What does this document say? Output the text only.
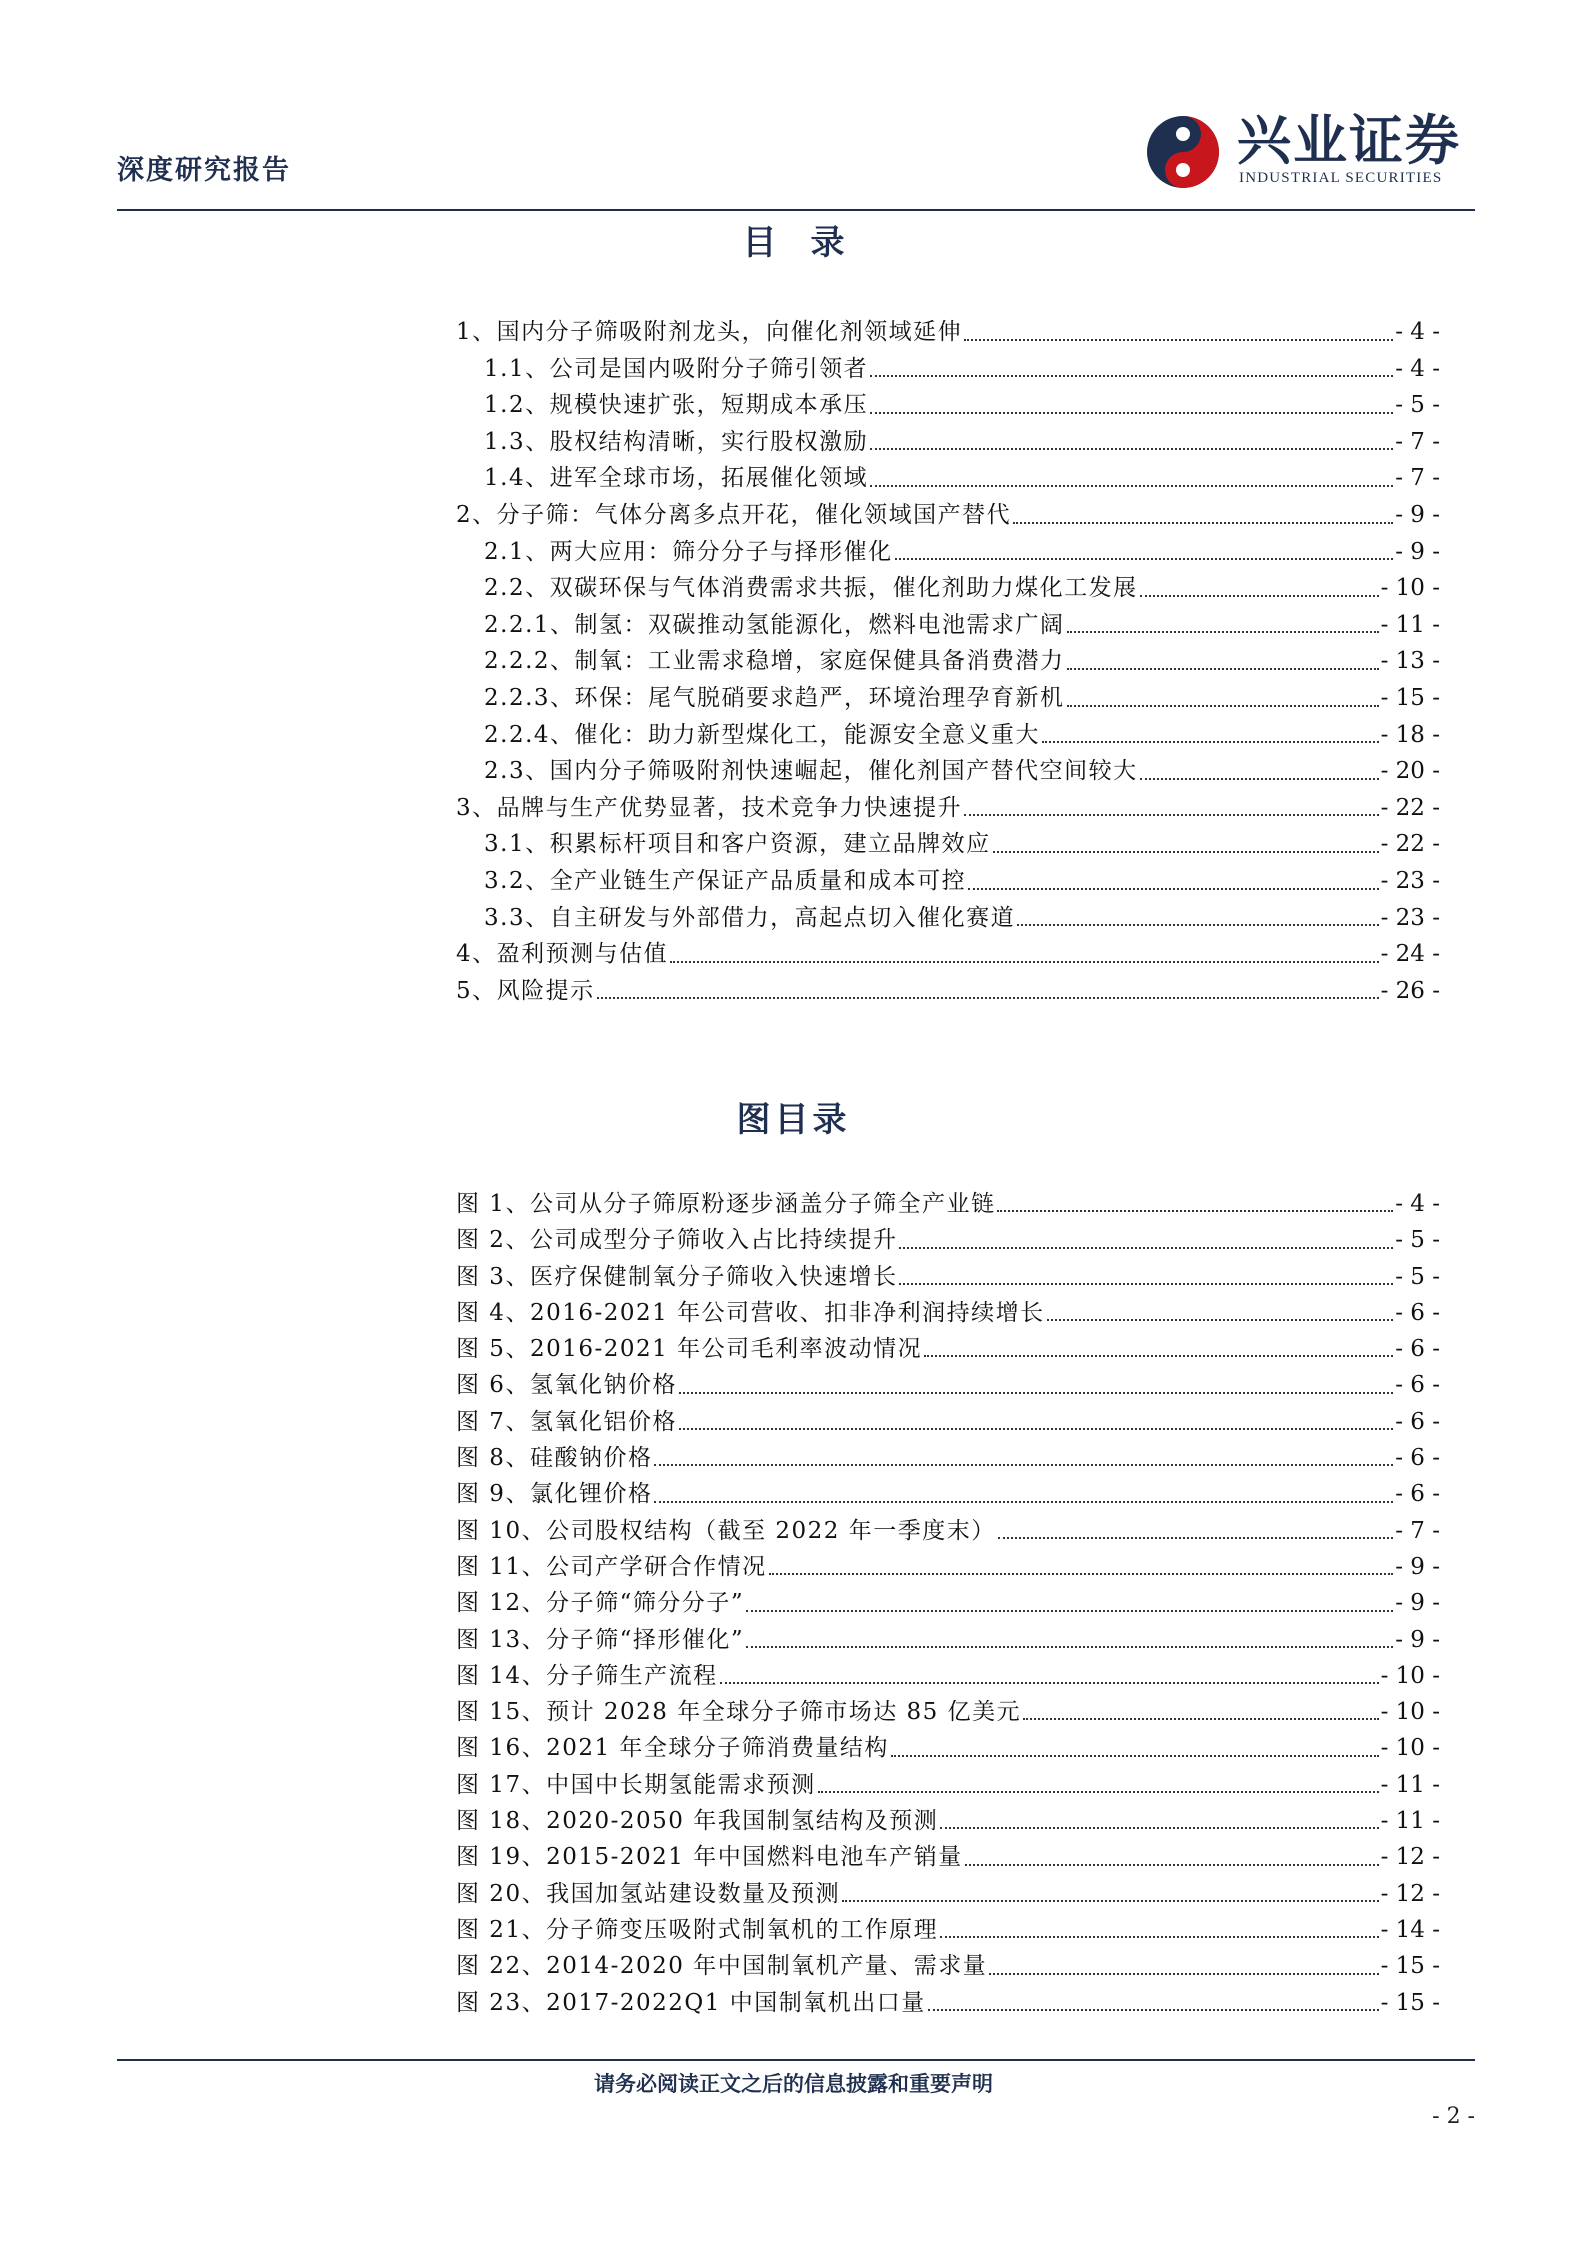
深度研究报告	兴业证券
INDUSTRIAL SECURITIES
目录
1、国内分子筛吸附剂龙头，向催化剂领域延伸	- 4 -
1.1、公司是国内吸附分子筛引领者	- 4 -
1.2、规模快速扩张，短期成本承压	- 5 -
1.3、股权结构清晰，实行股权激励	- 7 -
1.4、进军全球市场，拓展催化领域	- 7 -
2、分子筛：气体分离多点开花，催化领域国产替代	- 9 -
2.1、两大应用：筛分分子与择形催化	- 9 -
2.2、双碳环保与气体消费需求共振，催化剂助力煤化工发展	- 10 -
2.2.1、制氢：双碳推动氢能源化，燃料电池需求广阔	- 11 -
2.2.2、制氧：工业需求稳增，家庭保健具备消费潜力	- 13 -
2.2.3、环保：尾气脱硝要求趋严，环境治理孕育新机	- 15 -
2.2.4、催化：助力新型煤化工，能源安全意义重大	- 18 -
2.3、国内分子筛吸附剂快速崛起，催化剂国产替代空间较大	- 20 -
3、品牌与生产优势显著，技术竞争力快速提升	- 22 -
3.1、积累标杆项目和客户资源，建立品牌效应	- 22 -
3.2、全产业链生产保证产品质量和成本可控	- 23 -
3.3、自主研发与外部借力，高起点切入催化赛道	- 23 -
4、盈利预测与估值	- 24 -
5、风险提示	- 26 -
图目录
图 1、公司从分子筛原粉逐步涵盖分子筛全产业链	- 4 -
图 2、公司成型分子筛收入占比持续提升	- 5 -
图 3、医疗保健制氧分子筛收入快速增长	- 5 -
图 4、2016-2021 年公司营收、扣非净利润持续增长	- 6 -
图 5、2016-2021 年公司毛利率波动情况	- 6 -
图 6、氢氧化钠价格	- 6 -
图 7、氢氧化铝价格	- 6 -
图 8、硅酸钠价格	- 6 -
图 9、氯化锂价格	- 6 -
图 10、公司股权结构（截至 2022 年一季度末）	- 7 -
图 11、公司产学研合作情况	- 9 -
图 12、分子筛“筛分分子”	- 9 -
图 13、分子筛“择形催化”	- 9 -
图 14、分子筛生产流程	- 10 -
图 15、预计 2028 年全球分子筛市场达 85 亿美元	- 10 -
图 16、2021 年全球分子筛消费量结构	- 10 -
图 17、中国中长期氢能需求预测	- 11 -
图 18、2020-2050 年我国制氢结构及预测	- 11 -
图 19、2015-2021 年中国燃料电池车产销量	- 12 -
图 20、我国加氢站建设数量及预测	- 12 -
图 21、分子筛变压吸附式制氧机的工作原理	- 14 -
图 22、2014-2020 年中国制氧机产量、需求量	- 15 -
图 23、2017-2022Q1 中国制氧机出口量	- 15 -
请务必阅读正文之后的信息披露和重要声明
- 2 -
